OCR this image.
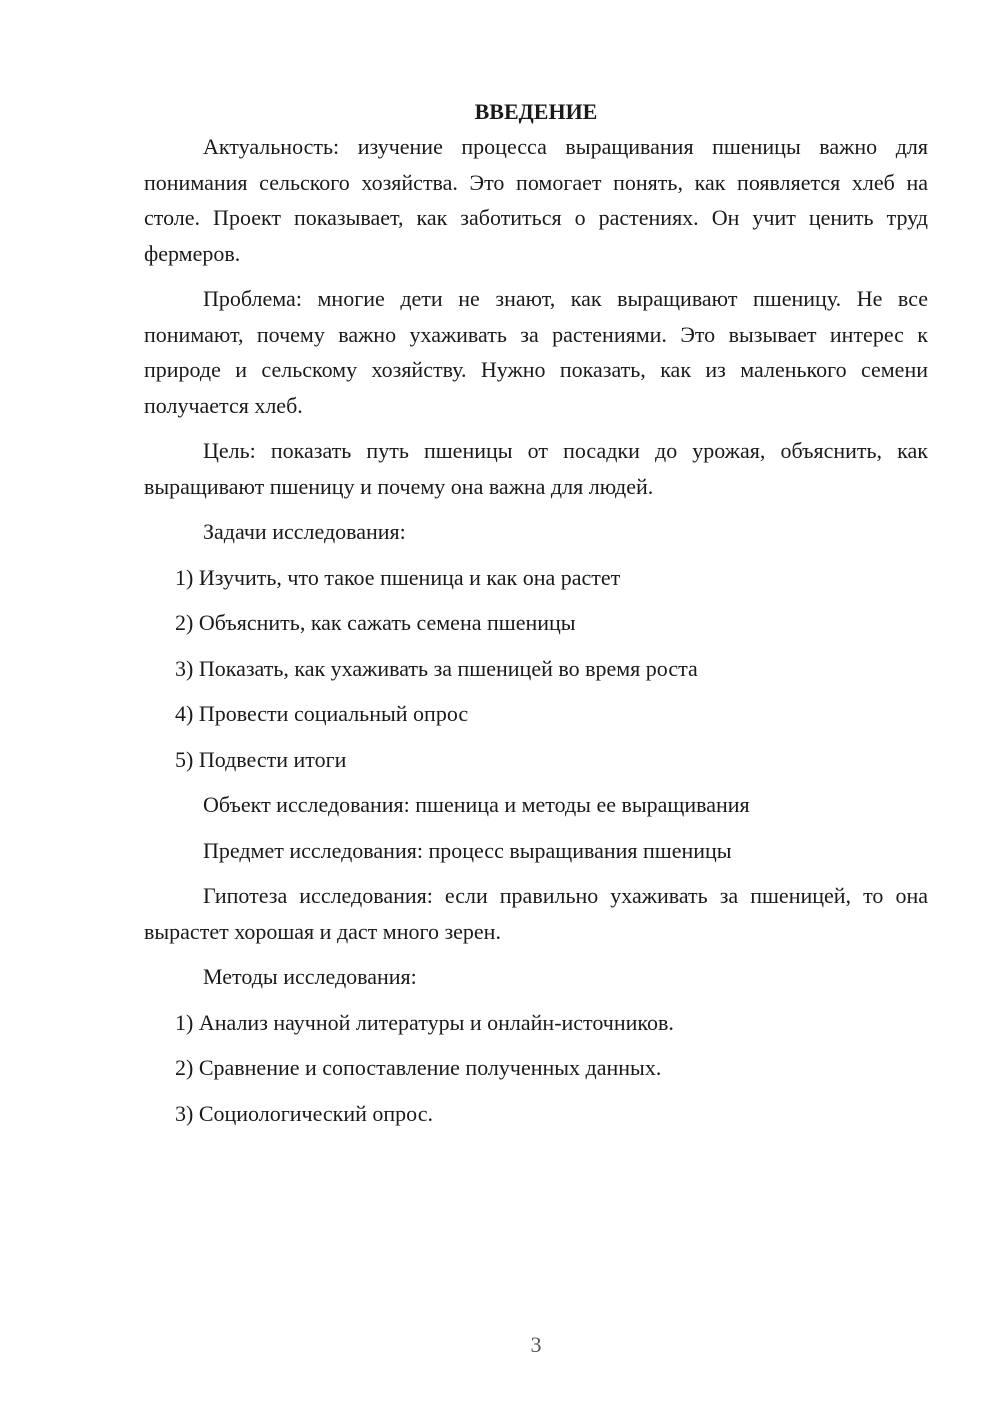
ВВЕДЕНИЕ

Актуальность: изучение процесса выращивания пшеницы важно для понимания сельского хозяйства. Это помогает понять, как появляется хлеб на столе. Проект показывает, как заботиться о растениях. Он учит ценить труд фермеров.

Проблема: многие дети не знают, как выращивают пшеницу. Не все понимают, почему важно ухаживать за растениями. Это вызывает интерес к природе и сельскому хозяйству. Нужно показать, как из маленького семени получается хлеб.

Цель: показать путь пшеницы от посадки до урожая, объяснить, как выращивают пшеницу и почему она важна для людей.

Задачи исследования:
1) Изучить, что такое пшеница и как она растет
2) Объяснить, как сажать семена пшеницы
3) Показать, как ухаживать за пшеницей во время роста
4) Провести социальный опрос
5) Подвести итоги
Объект исследования: пшеница и методы ее выращивания
Предмет исследования: процесс выращивания пшеницы

Гипотеза исследования: если правильно ухаживать за пшеницей, то она вырастет хорошая и даст много зерен.

Методы исследования:
1) Анализ научной литературы и онлайн-источников.
2) Сравнение и сопоставление полученных данных.
3) Социологический опрос.
3
